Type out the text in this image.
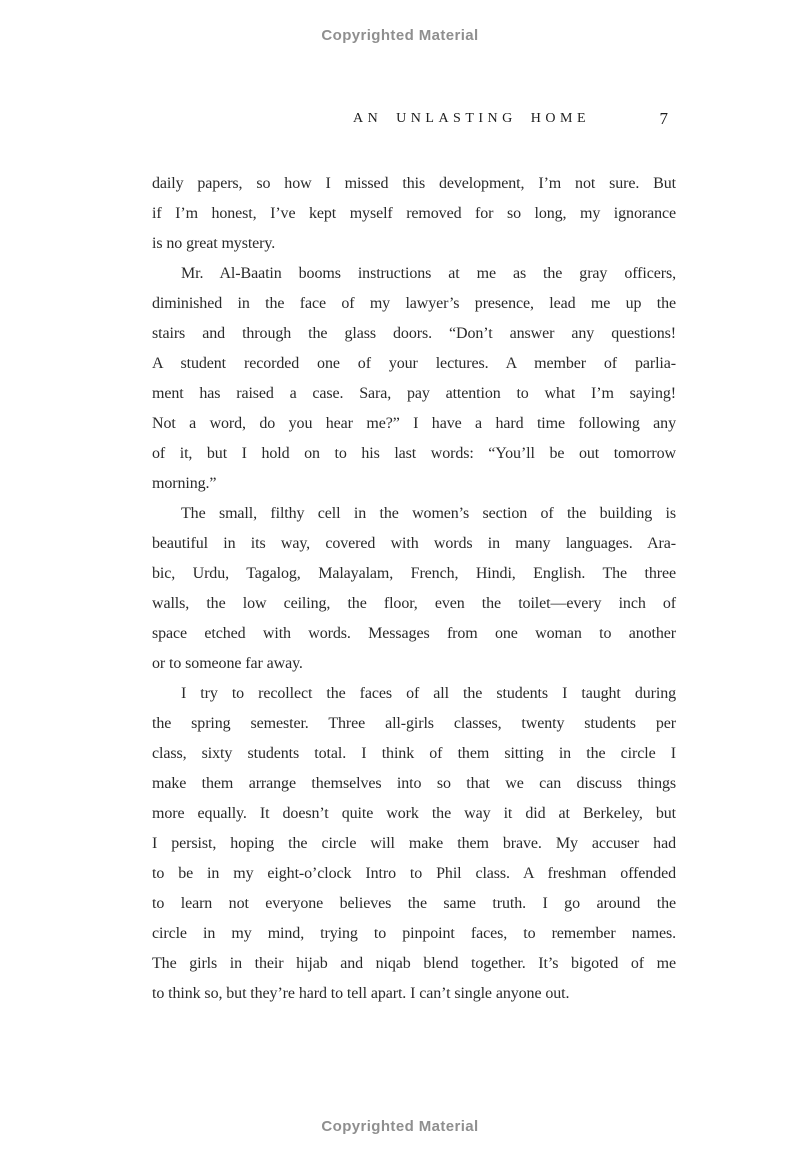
Copyrighted Material
AN UNLASTING HOME	7
daily papers, so how I missed this development, I’m not sure. But
if I’m honest, I’ve kept myself removed for so long, my ignorance
is no great mystery.
Mr. Al-Baatin booms instructions at me as the gray officers,
diminished in the face of my lawyer’s presence, lead me up the
stairs and through the glass doors. “Don’t answer any questions!
A student recorded one of your lectures. A member of parlia-
ment has raised a case. Sara, pay attention to what I’m saying!
Not a word, do you hear me?” I have a hard time following any
of it, but I hold on to his last words: “You’ll be out tomorrow
morning.”
The small, filthy cell in the women’s section of the building is
beautiful in its way, covered with words in many languages. Ara-
bic, Urdu, Tagalog, Malayalam, French, Hindi, English. The three
walls, the low ceiling, the floor, even the toilet—every inch of
space etched with words. Messages from one woman to another
or to someone far away.
I try to recollect the faces of all the students I taught during
the spring semester. Three all-girls classes, twenty students per
class, sixty students total. I think of them sitting in the circle I
make them arrange themselves into so that we can discuss things
more equally. It doesn’t quite work the way it did at Berkeley, but
I persist, hoping the circle will make them brave. My accuser had
to be in my eight-o’clock Intro to Phil class. A freshman offended
to learn not everyone believes the same truth. I go around the
circle in my mind, trying to pinpoint faces, to remember names.
The girls in their hijab and niqab blend together. It’s bigoted of me
to think so, but they’re hard to tell apart. I can’t single anyone out.
Copyrighted Material
